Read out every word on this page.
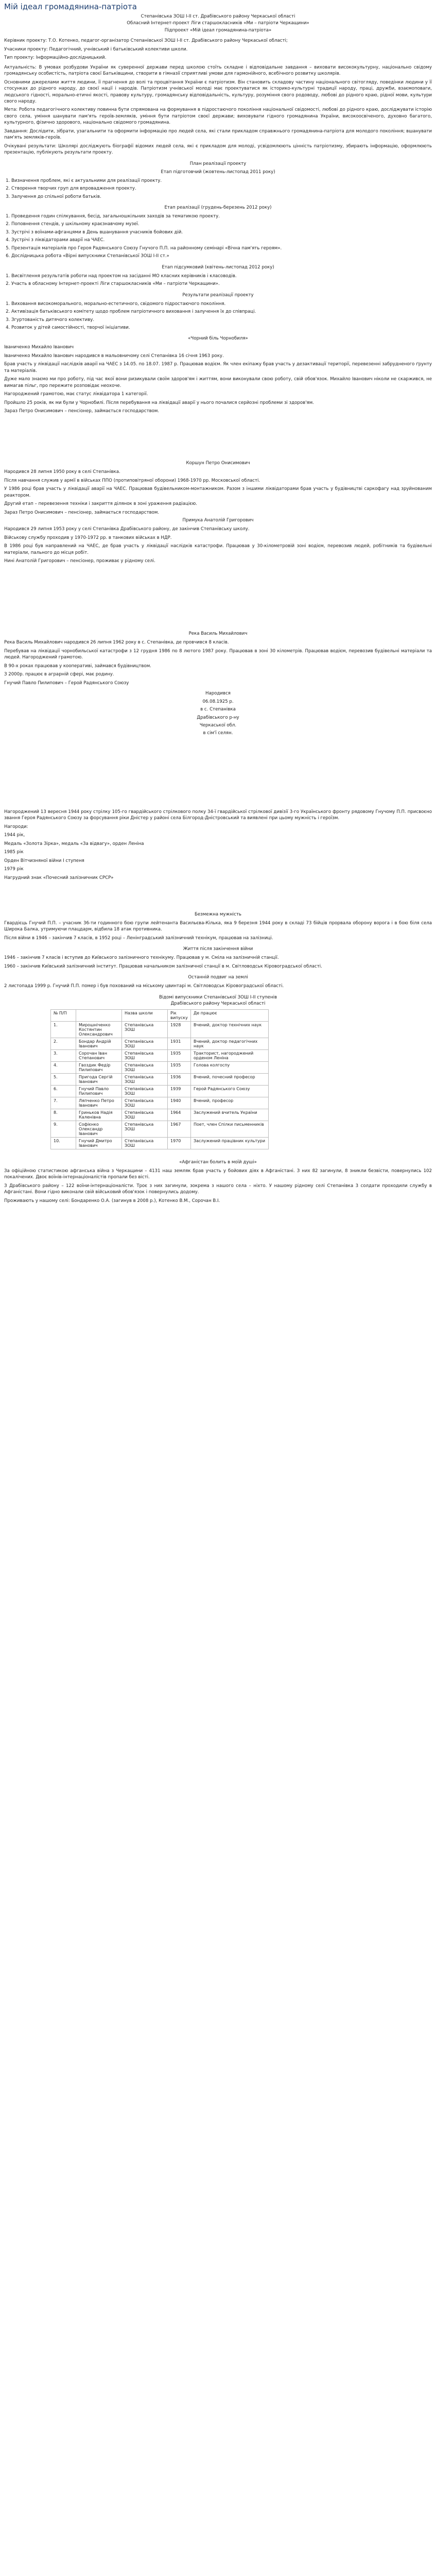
Мій ідеал громадянина-патріота

Степанівська ЗОШ І-ІІ ст. Драбівського району Черкаської області

Обласний Інтернет-проект Ліги старшокласників «Ми – патріоти Черкащини»

Підпроект «Мій ідеал громадянина-патріота»

Керівник проекту: Т.О. Котенко, педагог-організатор Степанівської ЗОШ І-ІІ ст. Драбівського району Черкаської області;

Учасники проекту: Педагогічний, учнівський і батьківський колективи школи.

Тип проекту: Інформаційно-дослідницький.

Актуальність: В умовах розбудови України як суверенної держави перед школою стоїть складне і відповідальне завдання – виховати висококультурну, національно свідому громадянську особистість, патріота своєї Батьківщини, створити в гімназії сприятливі умови для гармонійного, всебічного розвитку школярів.

Основними джерелами життя людини, її прагнення до волі та процвітання України є патріотизм. Він становить складову частину національного світогляду, поведінки людини у її стосунках до рідного народу, до своєї нації і народів. Патріотизм учнівської молоді має проектуватися як історико-культурні традиції народу, праці, дружби, взаємоповаги, людського гідності, морально-етичні якості, правову культуру, громадянську відповідальність, культуру, розуміння свого родоводу, любові до рідного краю, рідної мови, культури свого народу.

Мета: Робота педагогічного колективу повинна бути спрямована на формування в підростаючого покоління національної свідомості, любові до рідного краю, досліджувати історію свого села, уміння шанувати пам'ять героїв-земляків, уміння бути патріотом своєї держави; виховувати гідного громадянина України, високоосвіченого, духовно багатого, культурного, фізично здорового, національно свідомого громадянина.

Завдання: Дослідити, зібрати, узагальнити та оформити інформацію про людей села, які стали прикладом справжнього громадянина-патріота для молодого покоління; вшанувати пам'ять земляків-героїв.

Очікувані результати: Школярі досліджують біографії відомих людей села, які є прикладом для молоді, усвідомлюють цінність патріотизму, збирають інформацію, оформлюють презентацію, публікують результати проекту.

План реалізації проекту
Етап підготовчий (жовтень-листопад 2011 року)
1. Визначення проблем, які є актуальними для реалізації проекту.
2. Створення творчих груп для впровадження проекту.
3. Залучення до спільної роботи батьків.
Етап реалізації (грудень-березень 2012 року)
1. Проведення годин спілкування, бесід, загальношкільних заходів за тематикою проекту.
2. Поповнення стендів, у шкільному краєзнавчому музеї.
3. Зустрічі з воїнами-афганцями в День вшанування учасників бойових дій.
4. Зустрічі з ліквідаторами аварії на ЧАЕС.
5. Презентація матеріалів про Героя Радянського Союзу Гнучого П.П. на районному семінарі «Вічна пам'ять героям».
6. Дослідницька робота «Вірні випускники Степанівської ЗОШ І-ІІ ст.»
Етап підсумковий (квітень-листопад 2012 року)
1. Висвітлення результатів роботи над проектом на засіданні МО класних керівників і класоводів.
2. Участь в обласному Інтернет-проекті Ліги старшокласників «Ми – патріоти Черкащини».
Результати реалізації проекту
1. Виховання високоморального, морально-естетичного, свідомого підростаючого покоління.
2. Активізація батьківського комітету щодо проблем патріотичного виховання і залучення їх до співпраці.
3. Згуртованість дитячого колективу.
4. Розвиток у дітей самостійності, творчої ініціативи.
«Чорний біль Чорнобиля»

Іваниченко Михайло Іванович

Іваниченко Михайло Іванович народився в мальовничому селі Степанівка 16 січня 1963 року.

Брав участь у ліквідації наслідків аварії на ЧАЕС з 14.05. по 18.07. 1987 р. Працював водієм. Як член екіпажу брав участь у дезактивації території, перевезенні забрудненого ґрунту та матеріалів.

Дуже мало знаємо ми про роботу, під час якої вони ризикували своїм здоров'ям і життям, вони виконували свою роботу, свій обов'язок. Михайло Іванович ніколи не скаржився, не вимагав пільг, про пережите розповідає неохоче.

Нагороджений грамотою, має статус ліквідатора 1 категорії.

Пройшло 25 років, як ми були у Чорнобилі. Після перебування на ліквідації аварії у нього почалися серйозні проблеми зі здоров'ям.

Зараз Петро Онисимович – пенсіонер, займається господарством.

Коршун Петро Онисимович

Народився 28 липня 1950 року в селі Степанівка.

Після навчання служив у армії в військах ППО (протиповітряної оборони) 1968-1970 рр. Московської області.

У 1986 році брав участь у ліквідації аварії на ЧАЕС. Працював будівельником-монтажником. Разом з іншими ліквідаторами брав участь у будівництві саркофагу над зруйнованим реактором.

Другий етап – перевезення техніки і закриття ділянок в зоні ураження радіацією.

Зараз Петро Онисимович – пенсіонер, займається господарством.

Примука Анатолій Григорович

Народився 29 липня 1953 року у селі Степанівка Драбівського району, де закінчив Степанівську школу.

Військову службу проходив у 1970-1972 рр. в танкових військах в НДР.

В 1986 році був направлений на ЧАЕС, де брав участь у ліквідації наслідків катастрофи. Працював у 30-кілометровій зоні водієм, перевозив людей, робітників та будівельні матеріали, пального до місця робіт.

Нині Анатолій Григорович – пенсіонер, проживає у рідному селі.

Река Василь Михайлович

Река Василь Михайлович народився 26 липня 1962 року в с. Степанівка, де провчився 8 класів.

Перебував на ліквідації чорнобильської катастрофи з 12 грудня 1986 по 8 лютого 1987 року. Працював в зоні 30 кілометрів. Працював водієм, перевозив будівельні матеріали та людей. Нагороджений грамотою.

В 90-х роках працював у кооперативі, займався будівництвом.

З 2000р. працює в аграрній сфері, має родину.

Гнучий Павло Пилипович – Герой Радянського Союзу

Народився

06.08.1925 р.

в с. Степанівка

Драбівського р-ну

Черкаської обл.

в сім'ї селян.

Нагороджений 13 вересня 1944 року стрілку 105-го гвардійського стрілкового полку 34-ї гвардійської стрілкової дивізії 3-го Українського фронту рядовому Гнучому П.П. присвоєно звання Героя Радянського Союзу за форсування ріки Дністер у районі села Білгород-Дністровський та виявлені при цьому мужність і героїзм.

Нагороди:

1944 рік,

Медаль «Золота Зірка», медаль «За відвагу», орден Леніна

1985 рік

Орден Вітчизняної війни I ступеня

1979 рік

Нагрудний знак «Почесний залізничник СРСР»

Безмежна мужність

Гвардієць Гнучий П.П. – учасник 36-ти годинного бою групи лейтенанта Васильєва-Кілька, яка 9 березня 1944 року в складі 73 бійців прорвала оборону ворога і в бою біля села Широка Балка, утримуючи плацдарм, відбила 18 атак противника.

Після війни в 1946 – закінчив 7 класів, в 1952 році – Ленінградський залізничний технікум, працював на залізниці.

Життя після закінчення війни

1946 – закінчив 7 класів і вступив до Київського залізничного технікуму. Працював у м. Сміла на залізничній станції.

1960 – закінчив Київський залізничний інститут. Працював начальником залізничної станції в м. Світловодськ Кіровоградської області.

Останній подвиг на землі

2 листопада 1999 р. Гнучий П.П. помер і був похований на міському цвинтарі м. Світловодськ Кіровоградської області.

Відомі випускники Степанівської ЗОШ І-ІІ ступенів
Драбівського району Черкаської області
№ П/П		Назва школи	Рік випуску	Де працює
1.	Мирошніченко Костянтин Олександрович	Степанівська ЗОШ	1928	Вчений, доктор технічних наук
2.	Бондар Андрій Іванович	Степанівська ЗОШ	1931	Вчений, доктор педагогічних наук
3.	Сорочан Іван Степанович	Степанівська ЗОШ	1935	Тракторист, нагороджений орденом Леніна
4.	Гвоздик Федір Пилипович	Степанівська ЗОШ	1935	Голова колгоспу
5.	Пригода Сергій Іванович	Степанівська ЗОШ	1936	Вчений, почесний професор
6.	Гнучий Павло Пилипович	Степанівська ЗОШ	1939	Герой Радянського Союзу
7.	Ляпченко Петро Іванович	Степанівська ЗОШ	1940	Вчений, професор
8.	Гриньков Надія Каленівна	Степанівська ЗОШ	1964	Заслужений вчитель України
9.	Софієнко Олександр Іванович	Степанівська ЗОШ	1967	Поет, член Спілки письменників
10.	Гнучий Дмитро Іванович	Степанівська ЗОШ	1970	Заслужений працівник культури
«Афганістан болить в моїй душі»

За офіційною статистикою афганська війна з Черкащини – 4131 наш земляк брав участь у бойових діях в Афганістані. З них 82 загинули, 8 зникли безвісти, повернулись 102 покалічених. Двоє воїнів-інтернаціоналістів пропали без вісті.

З Драбівського району – 122 воїни-інтернаціоналісти. Троє з них загинули, зокрема з нашого села – ніхто. У нашому рідному селі Степанівка 3 солдати проходили службу в Афганістані. Вони гідно виконали свій військовий обов'язок і повернулись додому.

Проживають у нашому селі: Бондаренко О.А. (загинув в 2008 р.), Котенко В.М., Сорочан В.І.
